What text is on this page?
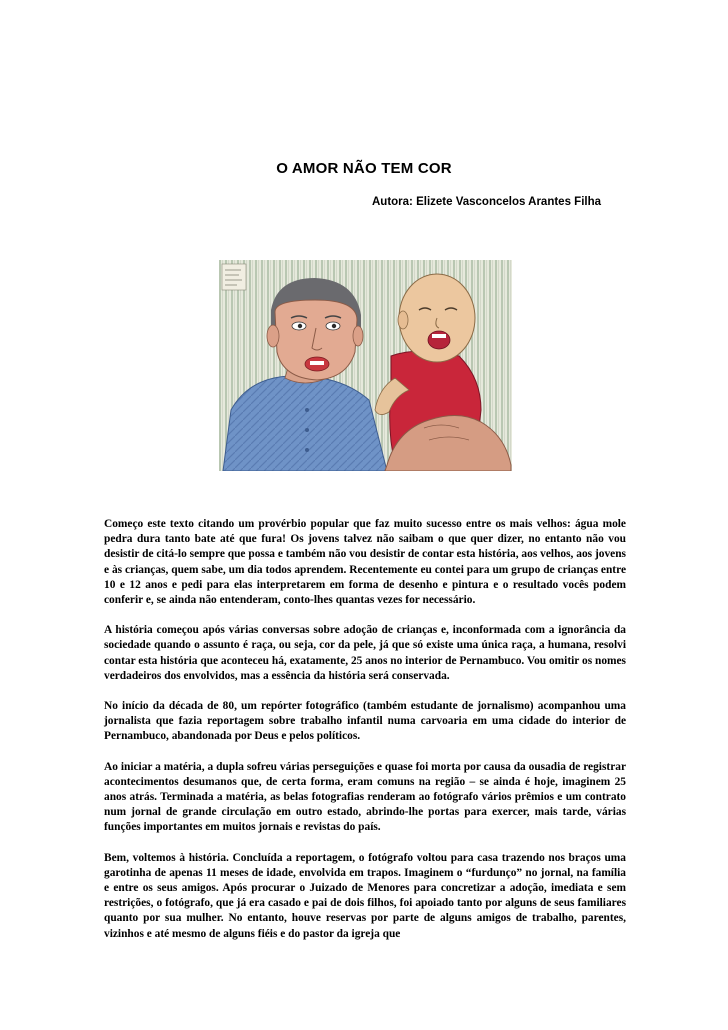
O AMOR NÃO TEM COR
Autora: Elizete Vasconcelos Arantes Filha

Começo este texto citando um provérbio popular que faz muito sucesso entre os mais velhos: água mole pedra dura tanto bate até que fura! Os jovens talvez não saibam o que quer dizer, no entanto não vou desistir de citá-lo sempre que possa e também não vou desistir de contar esta história, aos velhos, aos jovens e às crianças, quem sabe, um dia todos aprendem. Recentemente eu contei para um grupo de crianças entre 10 e 12 anos e pedi para elas interpretarem em forma de desenho e pintura e o resultado vocês podem conferir e, se ainda não entenderam, conto-lhes quantas vezes for necessário.

A história começou após várias conversas sobre adoção de crianças e, inconformada com a ignorância da sociedade quando o assunto é raça, ou seja, cor da pele, já que só existe uma única raça, a humana, resolvi contar esta história que aconteceu há, exatamente, 25 anos no interior de Pernambuco. Vou omitir os nomes verdadeiros dos envolvidos, mas a essência da história será conservada.

No início da década de 80, um repórter fotográfico (também estudante de jornalismo) acompanhou uma jornalista que fazia reportagem sobre trabalho infantil numa carvoaria em uma cidade do interior de Pernambuco, abandonada por Deus e pelos políticos.

Ao iniciar a matéria, a dupla sofreu várias perseguições e quase foi morta por causa da ousadia de registrar acontecimentos desumanos que, de certa forma, eram comuns na região – se ainda é hoje, imaginem 25 anos atrás. Terminada a matéria, as belas fotografias renderam ao fotógrafo vários prêmios e um contrato num jornal de grande circulação em outro estado, abrindo-lhe portas para exercer, mais tarde, várias funções importantes em muitos jornais e revistas do país.

Bem, voltemos à história. Concluída a reportagem, o fotógrafo voltou para casa trazendo nos braços uma garotinha de apenas 11 meses de idade, envolvida em trapos. Imaginem o “furdunço” no jornal, na família e entre os seus amigos. Após procurar o Juizado de Menores para concretizar a adoção, imediata e sem restrições, o fotógrafo, que já era casado e pai de dois filhos, foi apoiado tanto por alguns de seus familiares quanto por sua mulher. No entanto, houve reservas por parte de alguns amigos de trabalho, parentes, vizinhos e até mesmo de alguns fiéis e do pastor da igreja que
